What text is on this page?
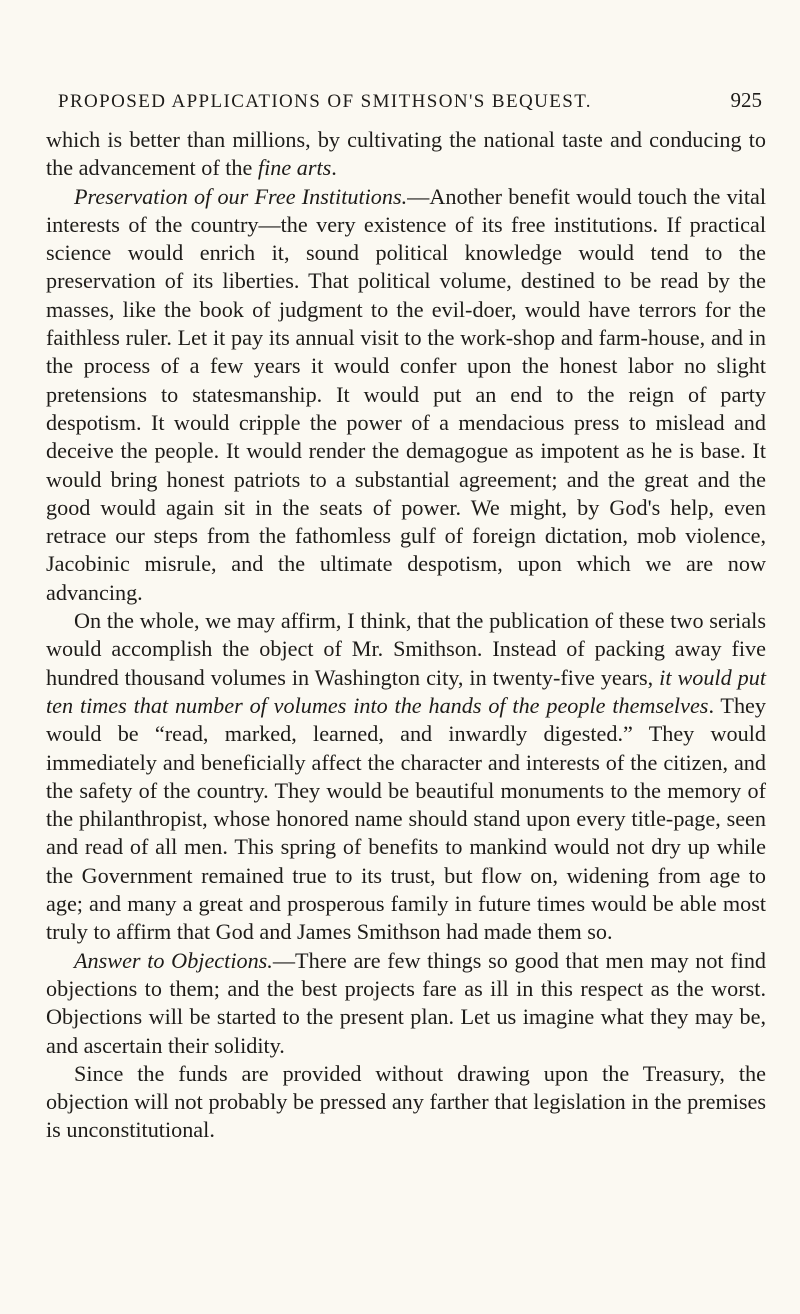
PROPOSED APPLICATIONS OF SMITHSON'S BEQUEST.	925

which is better than millions, by cultivating the national taste and conducing to the advancement of the fine arts.

Preservation of our Free Institutions.—Another benefit would touch the vital interests of the country—the very existence of its free institutions. If practical science would enrich it, sound political knowledge would tend to the preservation of its liberties. That political volume, destined to be read by the masses, like the book of judgment to the evil-doer, would have terrors for the faithless ruler. Let it pay its annual visit to the work-shop and farm-house, and in the process of a few years it would confer upon the honest labor no slight pretensions to statesmanship. It would put an end to the reign of party despotism. It would cripple the power of a mendacious press to mislead and deceive the people. It would render the demagogue as impotent as he is base. It would bring honest patriots to a substantial agreement; and the great and the good would again sit in the seats of power. We might, by God's help, even retrace our steps from the fathomless gulf of foreign dictation, mob violence, Jacobinic misrule, and the ultimate despotism, upon which we are now advancing.

On the whole, we may affirm, I think, that the publication of these two serials would accomplish the object of Mr. Smithson. Instead of packing away five hundred thousand volumes in Washington city, in twenty-five years, it would put ten times that number of volumes into the hands of the people themselves. They would be “read, marked, learned, and inwardly digested.” They would immediately and beneficially affect the character and interests of the citizen, and the safety of the country. They would be beautiful monuments to the memory of the philanthropist, whose honored name should stand upon every title-page, seen and read of all men. This spring of benefits to mankind would not dry up while the Government remained true to its trust, but flow on, widening from age to age; and many a great and prosperous family in future times would be able most truly to affirm that God and James Smithson had made them so.

Answer to Objections.—There are few things so good that men may not find objections to them; and the best projects fare as ill in this respect as the worst. Objections will be started to the present plan. Let us imagine what they may be, and ascertain their solidity.

Since the funds are provided without drawing upon the Treasury, the objection will not probably be pressed any farther that legislation in the premises is unconstitutional.
